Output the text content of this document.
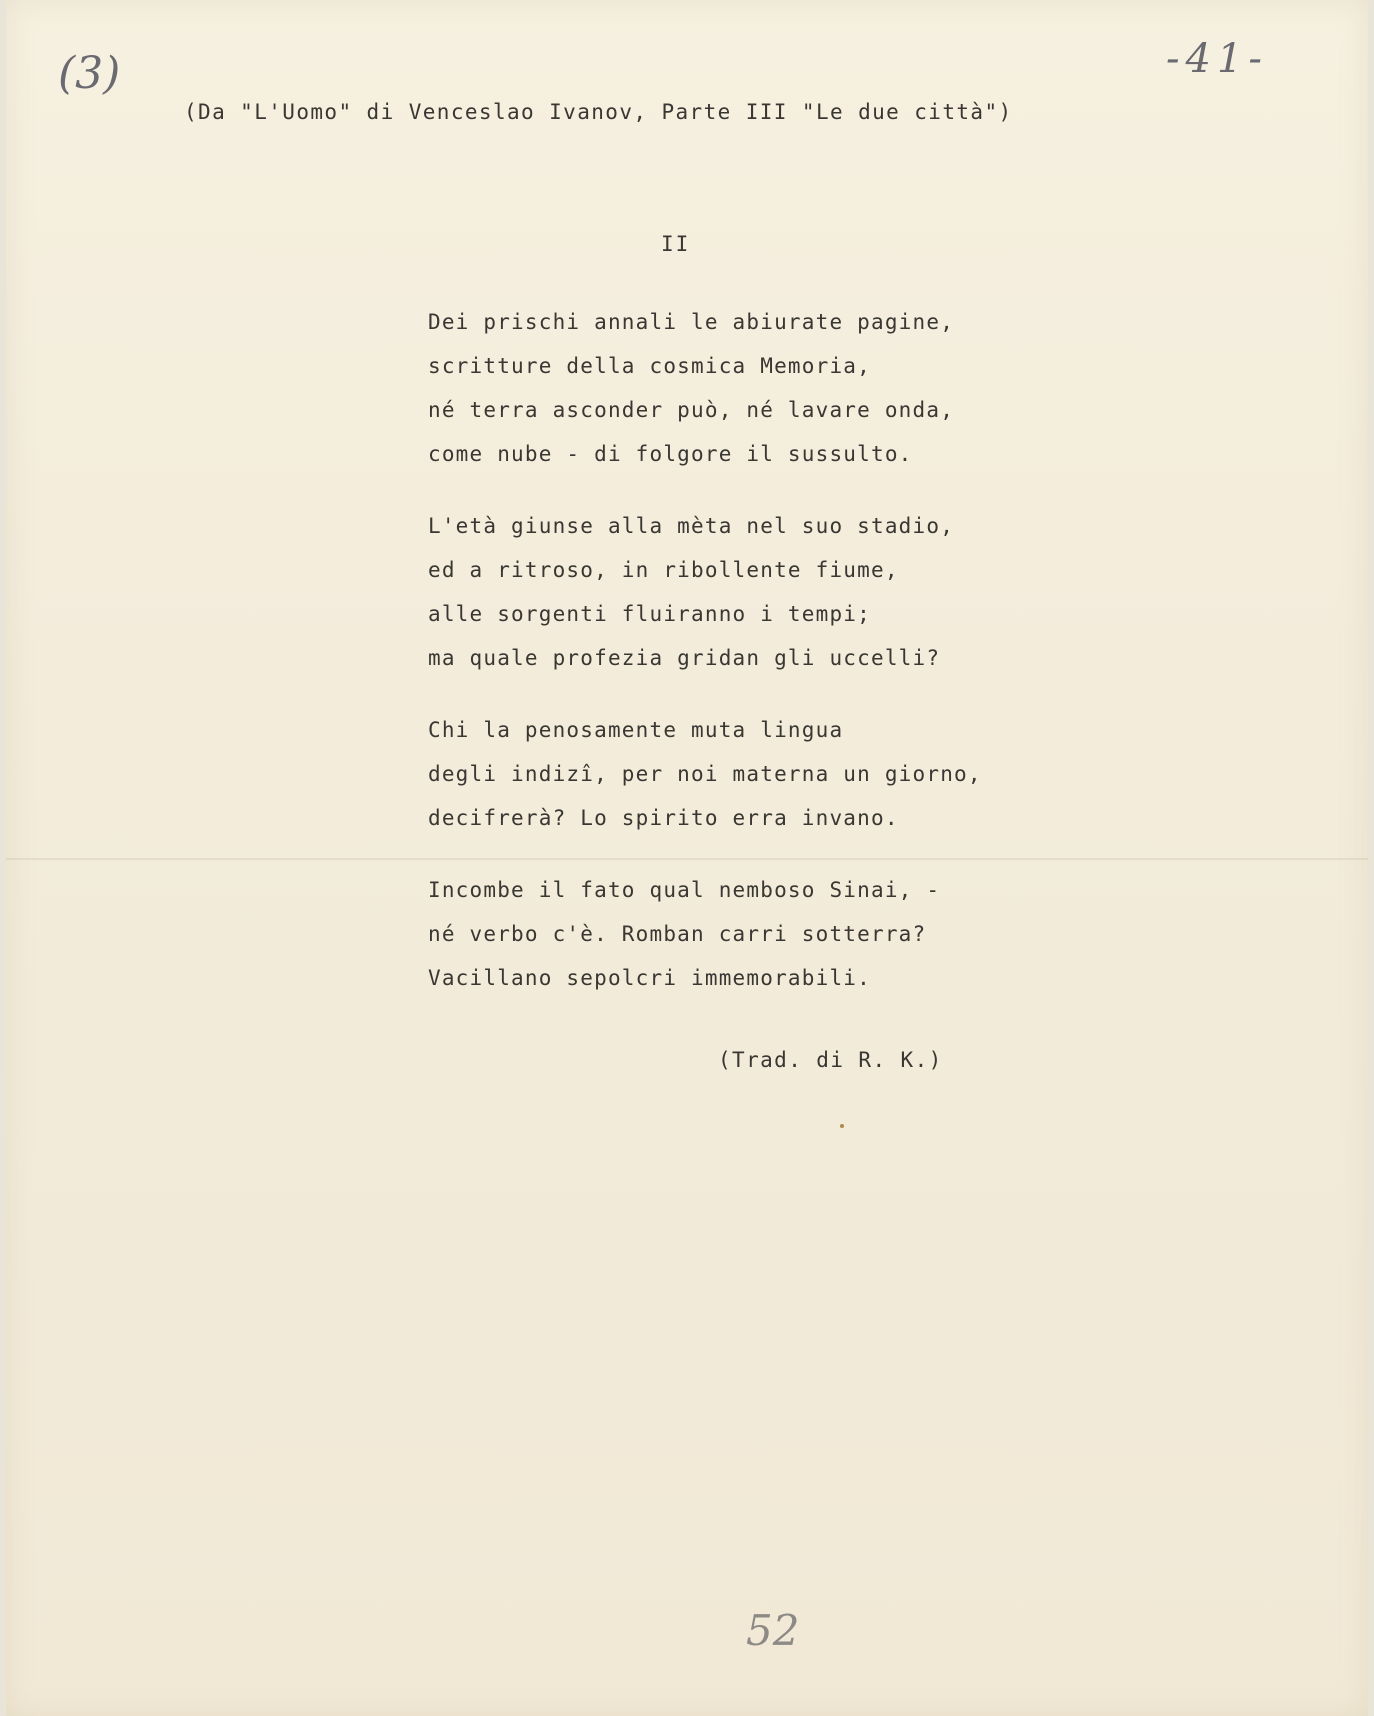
(3)	-41-
(Da "L'Uomo" di Venceslao Ivanov, Parte III "Le due città")
II
Dei prischi annali le abiurate pagine,
scritture della cosmica Memoria,
né terra asconder può, né lavare onda,
come nube - di folgore il sussulto.
L'età giunse alla mèta nel suo stadio,
ed a ritroso, in ribollente fiume,
alle sorgenti fluiranno i tempi;
ma quale profezia gridan gli uccelli?
Chi la penosamente muta lingua
degli indizî, per noi materna un giorno,
decifrerà? Lo spirito erra invano.
Incombe il fato qual nemboso Sinai, -
né verbo c'è. Romban carri sotterra?
Vacillano sepolcri immemorabili.
(Trad. di R. K.)
52
